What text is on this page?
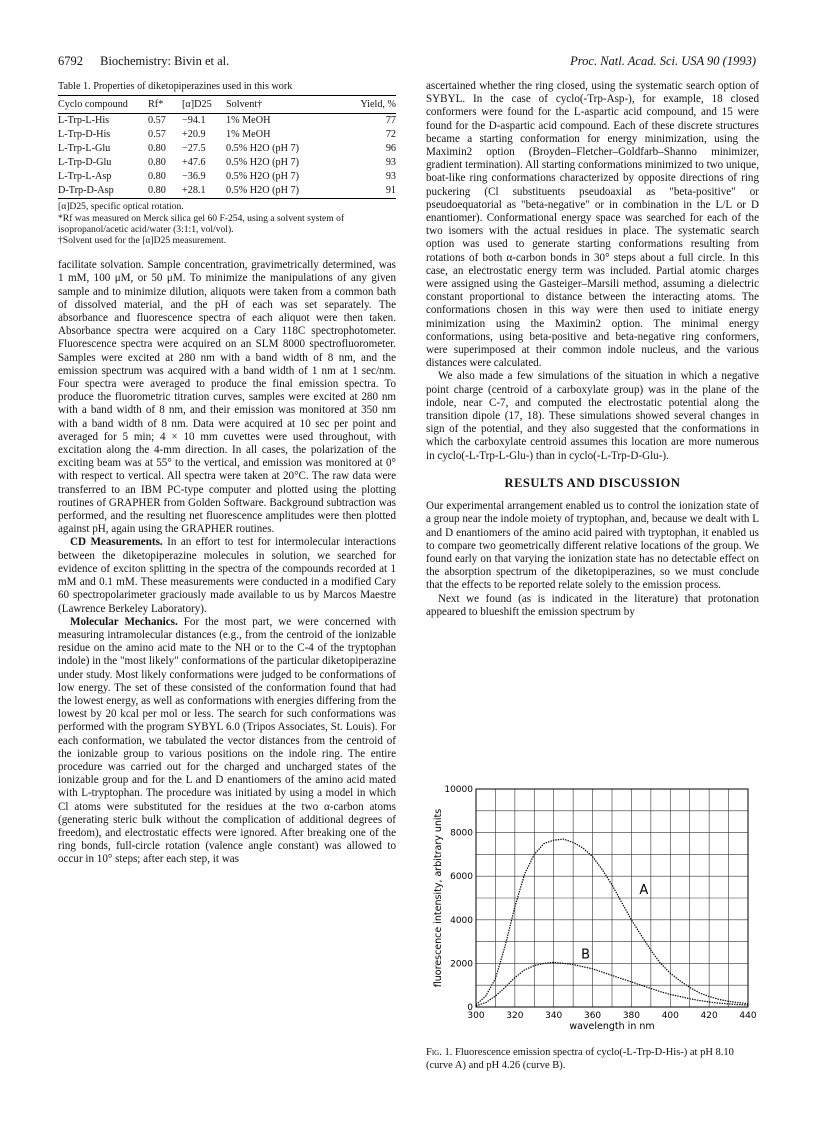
6792 Biochemistry: Bivin et al.	Proc. Natl. Acad. Sci. USA 90 (1993)
Table 1. Properties of diketopiperazines used in this work
Cyclo compound	Rf*	[α]D25	Solvent†	Yield, %
L-Trp-L-His	0.57	−94.1	1% MeOH	77
L-Trp-D-His	0.57	+20.9	1% MeOH	72
L-Trp-L-Glu	0.80	−27.5	0.5% H2O (pH 7)	96
L-Trp-D-Glu	0.80	+47.6	0.5% H2O (pH 7)	93
L-Trp-L-Asp	0.80	−36.9	0.5% H2O (pH 7)	93
D-Trp-D-Asp	0.80	+28.1	0.5% H2O (pH 7)	91
[α]D25, specific optical rotation.
*Rf was measured on Merck silica gel 60 F-254, using a solvent system of isopropanol/acetic acid/water (3:1:1, vol/vol).
†Solvent used for the [α]D25 measurement.

facilitate solvation. Sample concentration, gravimetrically determined, was 1 mM, 100 μM, or 50 μM. To minimize the manipulations of any given sample and to minimize dilution, aliquots were taken from a common bath of dissolved material, and the pH of each was set separately. The absorbance and fluorescence spectra of each aliquot were then taken. Absorbance spectra were acquired on a Cary 118C spectrophotometer. Fluorescence spectra were acquired on an SLM 8000 spectrofluorometer. Samples were excited at 280 nm with a band width of 8 nm, and the emission spectrum was acquired with a band width of 1 nm at 1 sec/nm. Four spectra were averaged to produce the final emission spectra. To produce the fluorometric titration curves, samples were excited at 280 nm with a band width of 8 nm, and their emission was monitored at 350 nm with a band width of 8 nm. Data were acquired at 10 sec per point and averaged for 5 min; 4 × 10 mm cuvettes were used throughout, with excitation along the 4-mm direction. In all cases, the polarization of the exciting beam was at 55° to the vertical, and emission was monitored at 0° with respect to vertical. All spectra were taken at 20°C. The raw data were transferred to an IBM PC-type computer and plotted using the plotting routines of GRAPHER from Golden Software. Background subtraction was performed, and the resulting net fluorescence amplitudes were then plotted against pH, again using the GRAPHER routines.

CD Measurements. In an effort to test for intermolecular interactions between the diketopiperazine molecules in solution, we searched for evidence of exciton splitting in the spectra of the compounds recorded at 1 mM and 0.1 mM. These measurements were conducted in a modified Cary 60 spectropolarimeter graciously made available to us by Marcos Maestre (Lawrence Berkeley Laboratory).

Molecular Mechanics. For the most part, we were concerned with measuring intramolecular distances (e.g., from the centroid of the ionizable residue on the amino acid mate to the NH or to the C-4 of the tryptophan indole) in the "most likely" conformations of the particular diketopiperazine under study. Most likely conformations were judged to be conformations of low energy. The set of these consisted of the conformation found that had the lowest energy, as well as conformations with energies differing from the lowest by 20 kcal per mol or less. The search for such conformations was performed with the program SYBYL 6.0 (Tripos Associates, St. Louis). For each conformation, we tabulated the vector distances from the centroid of the ionizable group to various positions on the indole ring. The entire procedure was carried out for the charged and uncharged states of the ionizable group and for the L and D enantiomers of the amino acid mated with L-tryptophan. The procedure was initiated by using a model in which Cl atoms were substituted for the residues at the two α-carbon atoms (generating steric bulk without the complication of additional degrees of freedom), and electrostatic effects were ignored. After breaking one of the ring bonds, full-circle rotation (valence angle constant) was allowed to occur in 10° steps; after each step, it was

ascertained whether the ring closed, using the systematic search option of SYBYL. In the case of cyclo(-Trp-Asp-), for example, 18 closed conformers were found for the L-aspartic acid compound, and 15 were found for the D-aspartic acid compound. Each of these discrete structures became a starting conformation for energy minimization, using the Maximin2 option (Broyden–Fletcher–Goldfarb–Shanno minimizer, gradient termination). All starting conformations minimized to two unique, boat-like ring conformations characterized by opposite directions of ring puckering (Cl substituents pseudoaxial as "beta-positive" or pseudoequatorial as "beta-negative" or in combination in the L/L or D enantiomer). Conformational energy space was searched for each of the two isomers with the actual residues in place. The systematic search option was used to generate starting conformations resulting from rotations of both α-carbon bonds in 30° steps about a full circle. In this case, an electrostatic energy term was included. Partial atomic charges were assigned using the Gasteiger–Marsili method, assuming a dielectric constant proportional to distance between the interacting atoms. The conformations chosen in this way were then used to initiate energy minimization using the Maximin2 option. The minimal energy conformations, using beta-positive and beta-negative ring conformers, were superimposed at their common indole nucleus, and the various distances were calculated.

We also made a few simulations of the situation in which a negative point charge (centroid of a carboxylate group) was in the plane of the indole, near C-7, and computed the electrostatic potential along the transition dipole (17, 18). These simulations showed several changes in sign of the potential, and they also suggested that the conformations in which the carboxylate centroid assumes this location are more numerous in cyclo(-L-Trp-L-Glu-) than in cyclo(-L-Trp-D-Glu-).

RESULTS AND DISCUSSION

Our experimental arrangement enabled us to control the ionization state of a group near the indole moiety of tryptophan, and, because we dealt with L and D enantiomers of the amino acid paired with tryptophan, it enabled us to compare two geometrically different relative locations of the group. We found early on that varying the ionization state has no detectable effect on the absorption spectrum of the diketopiperazines, so we must conclude that the effects to be reported relate solely to the emission process.

Next we found (as is indicated in the literature) that protonation appeared to blueshift the emission spectrum by

300 320 340 360 380 400 420 440
0
2000
4000
6000
8000
10000
wavelength in nm
fluorescence intensity, arbitrary units	A
B
Fig. 1. Fluorescence emission spectra of cyclo(-L-Trp-D-His-) at pH 8.10 (curve A) and pH 4.26 (curve B).
